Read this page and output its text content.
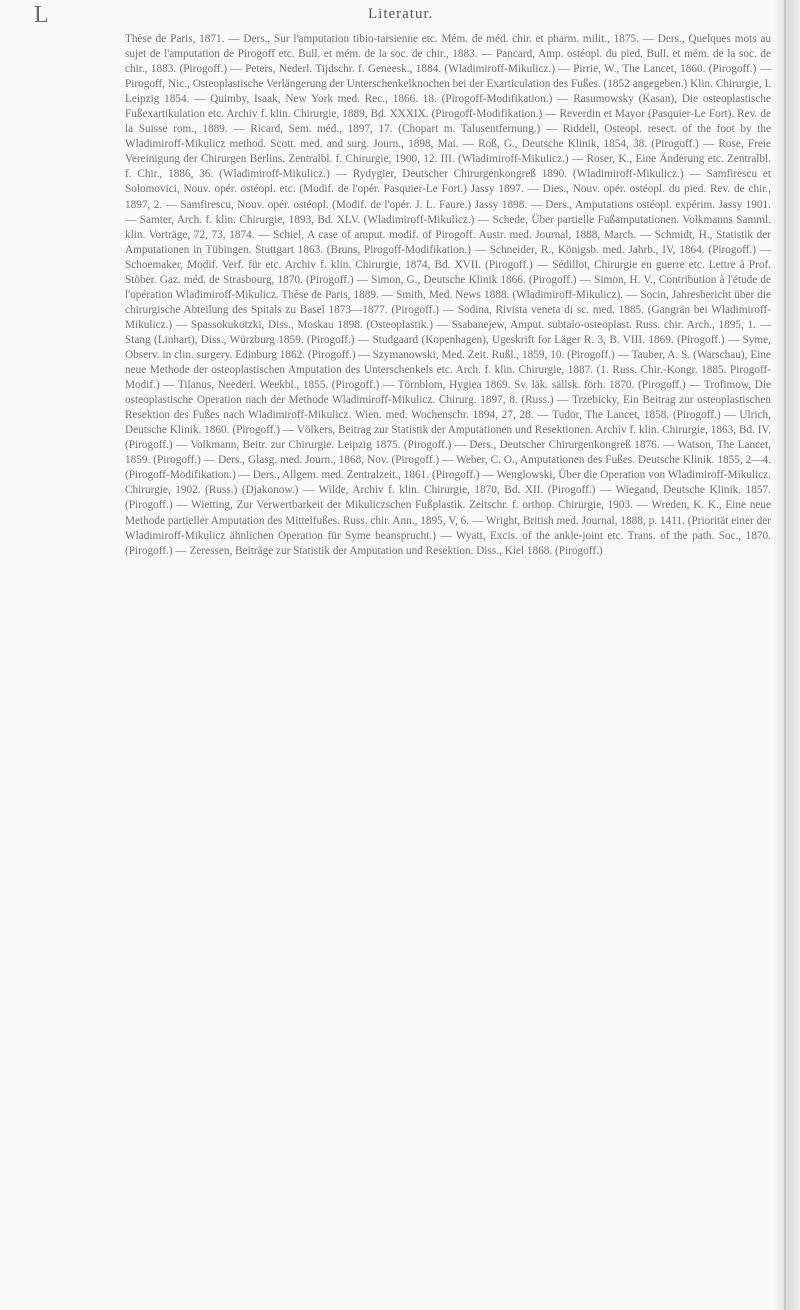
L	Literatur.

Thèse de Paris, 1871. — Ders., Sur l'amputation tibio-tarsienne etc. Mém. de méd. chir. et pharm. milit., 1875. — Ders., Quelques mots au sujet de l'amputation de Pirogoff etc. Bull. et mém. de la soc. de chir., 1883. — Pancard, Amp. ostéopl. du pied. Bull. et mém. de la soc. de chir., 1883. (Pirogoff.) — Peters, Nederl. Tijdschr. f. Geneesk., 1884. (Wladimiroff-Mikulicz.) — Pirrie, W., The Lancet, 1860. (Pirogoff.) — Pirogoff, Nic., Osteoplastische Verlängerung der Unterschenkelknochen bei der Exarticulation des Fußes. (1852 angegeben.) Klin. Chirurgie, I. Leipzig 1854. — Quimby, Isaak, New York med. Rec., 1866. 18. (Pirogoff-Modifikation.) — Rasumowsky (Kasan), Die osteoplastische Fußexartikulation etc. Archiv f. klin. Chirurgie, 1889, Bd. XXXIX. (Pirogoff-Modifikation.) — Reverdin et Mayor (Pasquier-Le Fort). Rev. de la Suisse rom., 1889. — Ricard, Sem. méd., 1897, 17. (Chopart m. Talusentfernung.) — Riddell, Osteopl. resect. of the foot by the Wladimiroff-Mikulicz method. Scott. med. and surg. Journ., 1898, Mai. — Roß, G., Deutsche Klinik, 1854, 38. (Pirogoff.) — Rose, Freie Vereinigung der Chirurgen Berlins. Zentralbl. f. Chirurgie, 1900, 12. III. (Wladimiroff-Mikulicz.) — Roser, K., Eine Änderung etc. Zentralbl. f. Chir., 1886, 36. (Wladimiroff-Mikulicz.) — Rydygier, Deutscher Chirurgenkongreß 1890. (Wladimiroff-Mikulicz.) — Samfirescu et Solomovici, Nouv. opér. ostéopl. etc. (Modif. de l'opér. Pasquier-Le Fort.) Jassy 1897. — Dies., Nouv. opér. ostéopl. du pied. Rev. de chir., 1897, 2. — Samfirescu, Nouv. opér. ostéopl. (Modif. de l'opér. J. L. Faure.) Jassy 1898. — Ders., Amputations ostéopl. expérim. Jassy 1901. — Samter, Arch. f. klin. Chirurgie, 1893, Bd. XLV. (Wladimiroff-Mikulicz.) — Schede, Über partielle Fußamputationen. Volkmanns Samml. klin. Vorträge, 72, 73, 1874. — Schiel, A case of amput. modif. of Pirogoff. Austr. med. Journal, 1888, March. — Schmidt, H., Statistik der Amputationen in Tübingen. Stuttgart 1863. (Bruns, Pirogoff-Modifikation.) — Schneider, R., Königsb. med. Jahrb., IV, 1864. (Pirogoff.) — Schoemaker, Modif. Verf. für etc. Archiv f. klin. Chirurgie, 1874, Bd. XVII. (Pirogoff.) — Sédillot, Chirurgie en guerre etc. Lettre à Prof. Stöber. Gaz. méd. de Strasbourg, 1870. (Pirogoff.) — Simon, G., Deutsche Klinik 1866. (Pirogoff.) — Simon, H. V., Contribution à l'étude de l'opération Wladimiroff-Mikulicz. Thèse de Paris, 1889. — Smith, Med. News 1888. (Wladimiroff-Mikulicz). — Socin, Jahresbericht über die chirurgische Abteilung des Spitals zu Basel 1873—1877. (Pirogoff.) — Sodina, Rivista veneta di sc. med. 1885. (Gangrän bei Wladimiroff-Mikulicz.) — Spassokukotzki, Diss., Moskau 1898. (Osteoplastik.) — Ssabanejew, Amput. subtalo-osteoplast. Russ. chir. Arch., 1895, 1. — Stang (Linhart), Diss., Würzburg 1859. (Pirogoff.) — Studgaard (Kopenhagen), Ugeskrift for Läger R. 3, B. VIII. 1869. (Pirogoff.) — Syme, Observ. in clin. surgery. Edinburg 1862. (Pirogoff.) — Szymanowski, Med. Zeit. Rußl., 1859, 10. (Pirogoff.) — Tauber, A. S. (Warschau), Eine neue Methode der osteoplastischen Amputation des Unterschenkels etc. Arch. f. klin. Chirurgie, 1887. (1. Russ. Chir.-Kongr. 1885. Pirogoff-Modif.) — Tilanus, Neederl. Weekbl., 1855. (Pirogoff.) — Törnblom, Hygiea 1869. Sv. läk. sällsk. förh. 1870. (Pirogoff.) — Trofimow, Die osteoplastische Operation nach der Methode Wladimiroff-Mikulicz. Chirurg. 1897, 8. (Russ.) — Trzebicky, Ein Beitrag zur osteoplastischen Resektion des Fußes nach Wladimiroff-Mikulicz. Wien. med. Wochenschr. 1894, 27, 28. — Tudor, The Lancet, 1858. (Pirogoff.) — Ulrich, Deutsche Klinik. 1860. (Pirogoff.) — Völkers, Beitrag zur Statistik der Amputationen und Resektionen. Archiv f. klin. Chirurgie, 1863, Bd. IV. (Pirogoff.) — Volkmann, Beitr. zur Chirurgie. Leipzig 1875. (Pirogoff.) — Ders., Deutscher Chirurgenkongreß 1876. — Watson, The Lancet, 1859. (Pirogoff.) — Ders., Glasg. med. Journ., 1868, Nov. (Pirogoff.) — Weber, C. O., Amputationen des Fußes. Deutsche Klinik. 1855, 2—4. (Pirogoff-Modifikation.) — Ders., Allgem. med. Zentralzeit., 1861. (Pirogoff.) — Wenglowski, Über die Operation von Wladimiroff-Mikulicz. Chirurgie, 1902. (Russ.) (Djakonow.) — Wilde, Archiv f. klin. Chirurgie, 1870, Bd. XII. (Pirogoff.) — Wiegand, Deutsche Klinik. 1857. (Pirogoff.) — Wietting, Zur Verwertbarkeit der Mikuliczschen Fußplastik. Zeitschr. f. orthop. Chirurgie, 1903. — Wreden, K. K., Eine neue Methode partieller Amputation des Mittelfußes. Russ. chir. Ann., 1895, V, 6. — Wright, British med. Journal, 1888, p. 1411. (Priorität einer der Wladimiroff-Mikulicz ähnlichen Operation für Syme beansprucht.) — Wyatt, Excis. of the ankle-joint etc. Trans. of the path. Soc., 1870. (Pirogoff.) — Zeressen, Beiträge zur Statistik der Amputation und Resektion. Diss., Kiel 1868. (Pirogoff.)
